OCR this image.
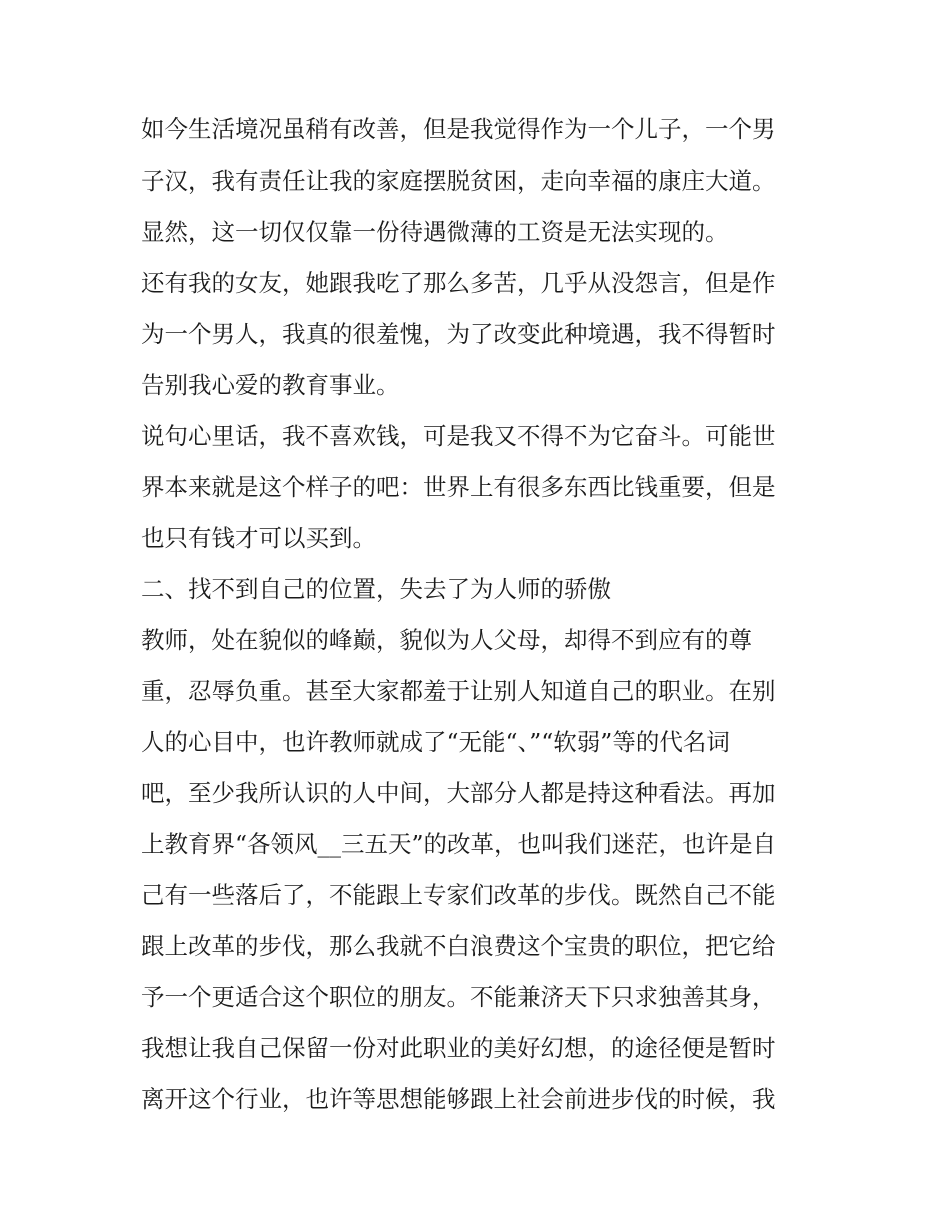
如今生活境况虽稍有改善，但是我觉得作为一个儿子，一个男

子汉，我有责任让我的家庭摆脱贫困，走向幸福的康庄大道。

显然，这一切仅仅靠一份待遇微薄的工资是无法实现的。

还有我的女友，她跟我吃了那么多苦，几乎从没怨言，但是作

为一个男人，我真的很羞愧，为了改变此种境遇，我不得暂时

告别我心爱的教育事业。

说句心里话，我不喜欢钱，可是我又不得不为它奋斗。可能世

界本来就是这个样子的吧：世界上有很多东西比钱重要，但是

也只有钱才可以买到。

二、找不到自己的位置，失去了为人师的骄傲

教师，处在貌似的峰巅，貌似为人父母，却得不到应有的尊

重，忍辱负重。甚至大家都羞于让别人知道自己的职业。在别

人的心目中，也许教师就成了“无能“、”“软弱”等的代名词

吧，至少我所认识的人中间，大部分人都是持这种看法。再加

上教育界“各领风__三五天”的改革，也叫我们迷茫，也许是自

己有一些落后了，不能跟上专家们改革的步伐。既然自己不能

跟上改革的步伐，那么我就不白浪费这个宝贵的职位，把它给

予一个更适合这个职位的朋友。不能兼济天下只求独善其身，

我想让我自己保留一份对此职业的美好幻想，的途径便是暂时

离开这个行业，也许等思想能够跟上社会前进步伐的时候，我
